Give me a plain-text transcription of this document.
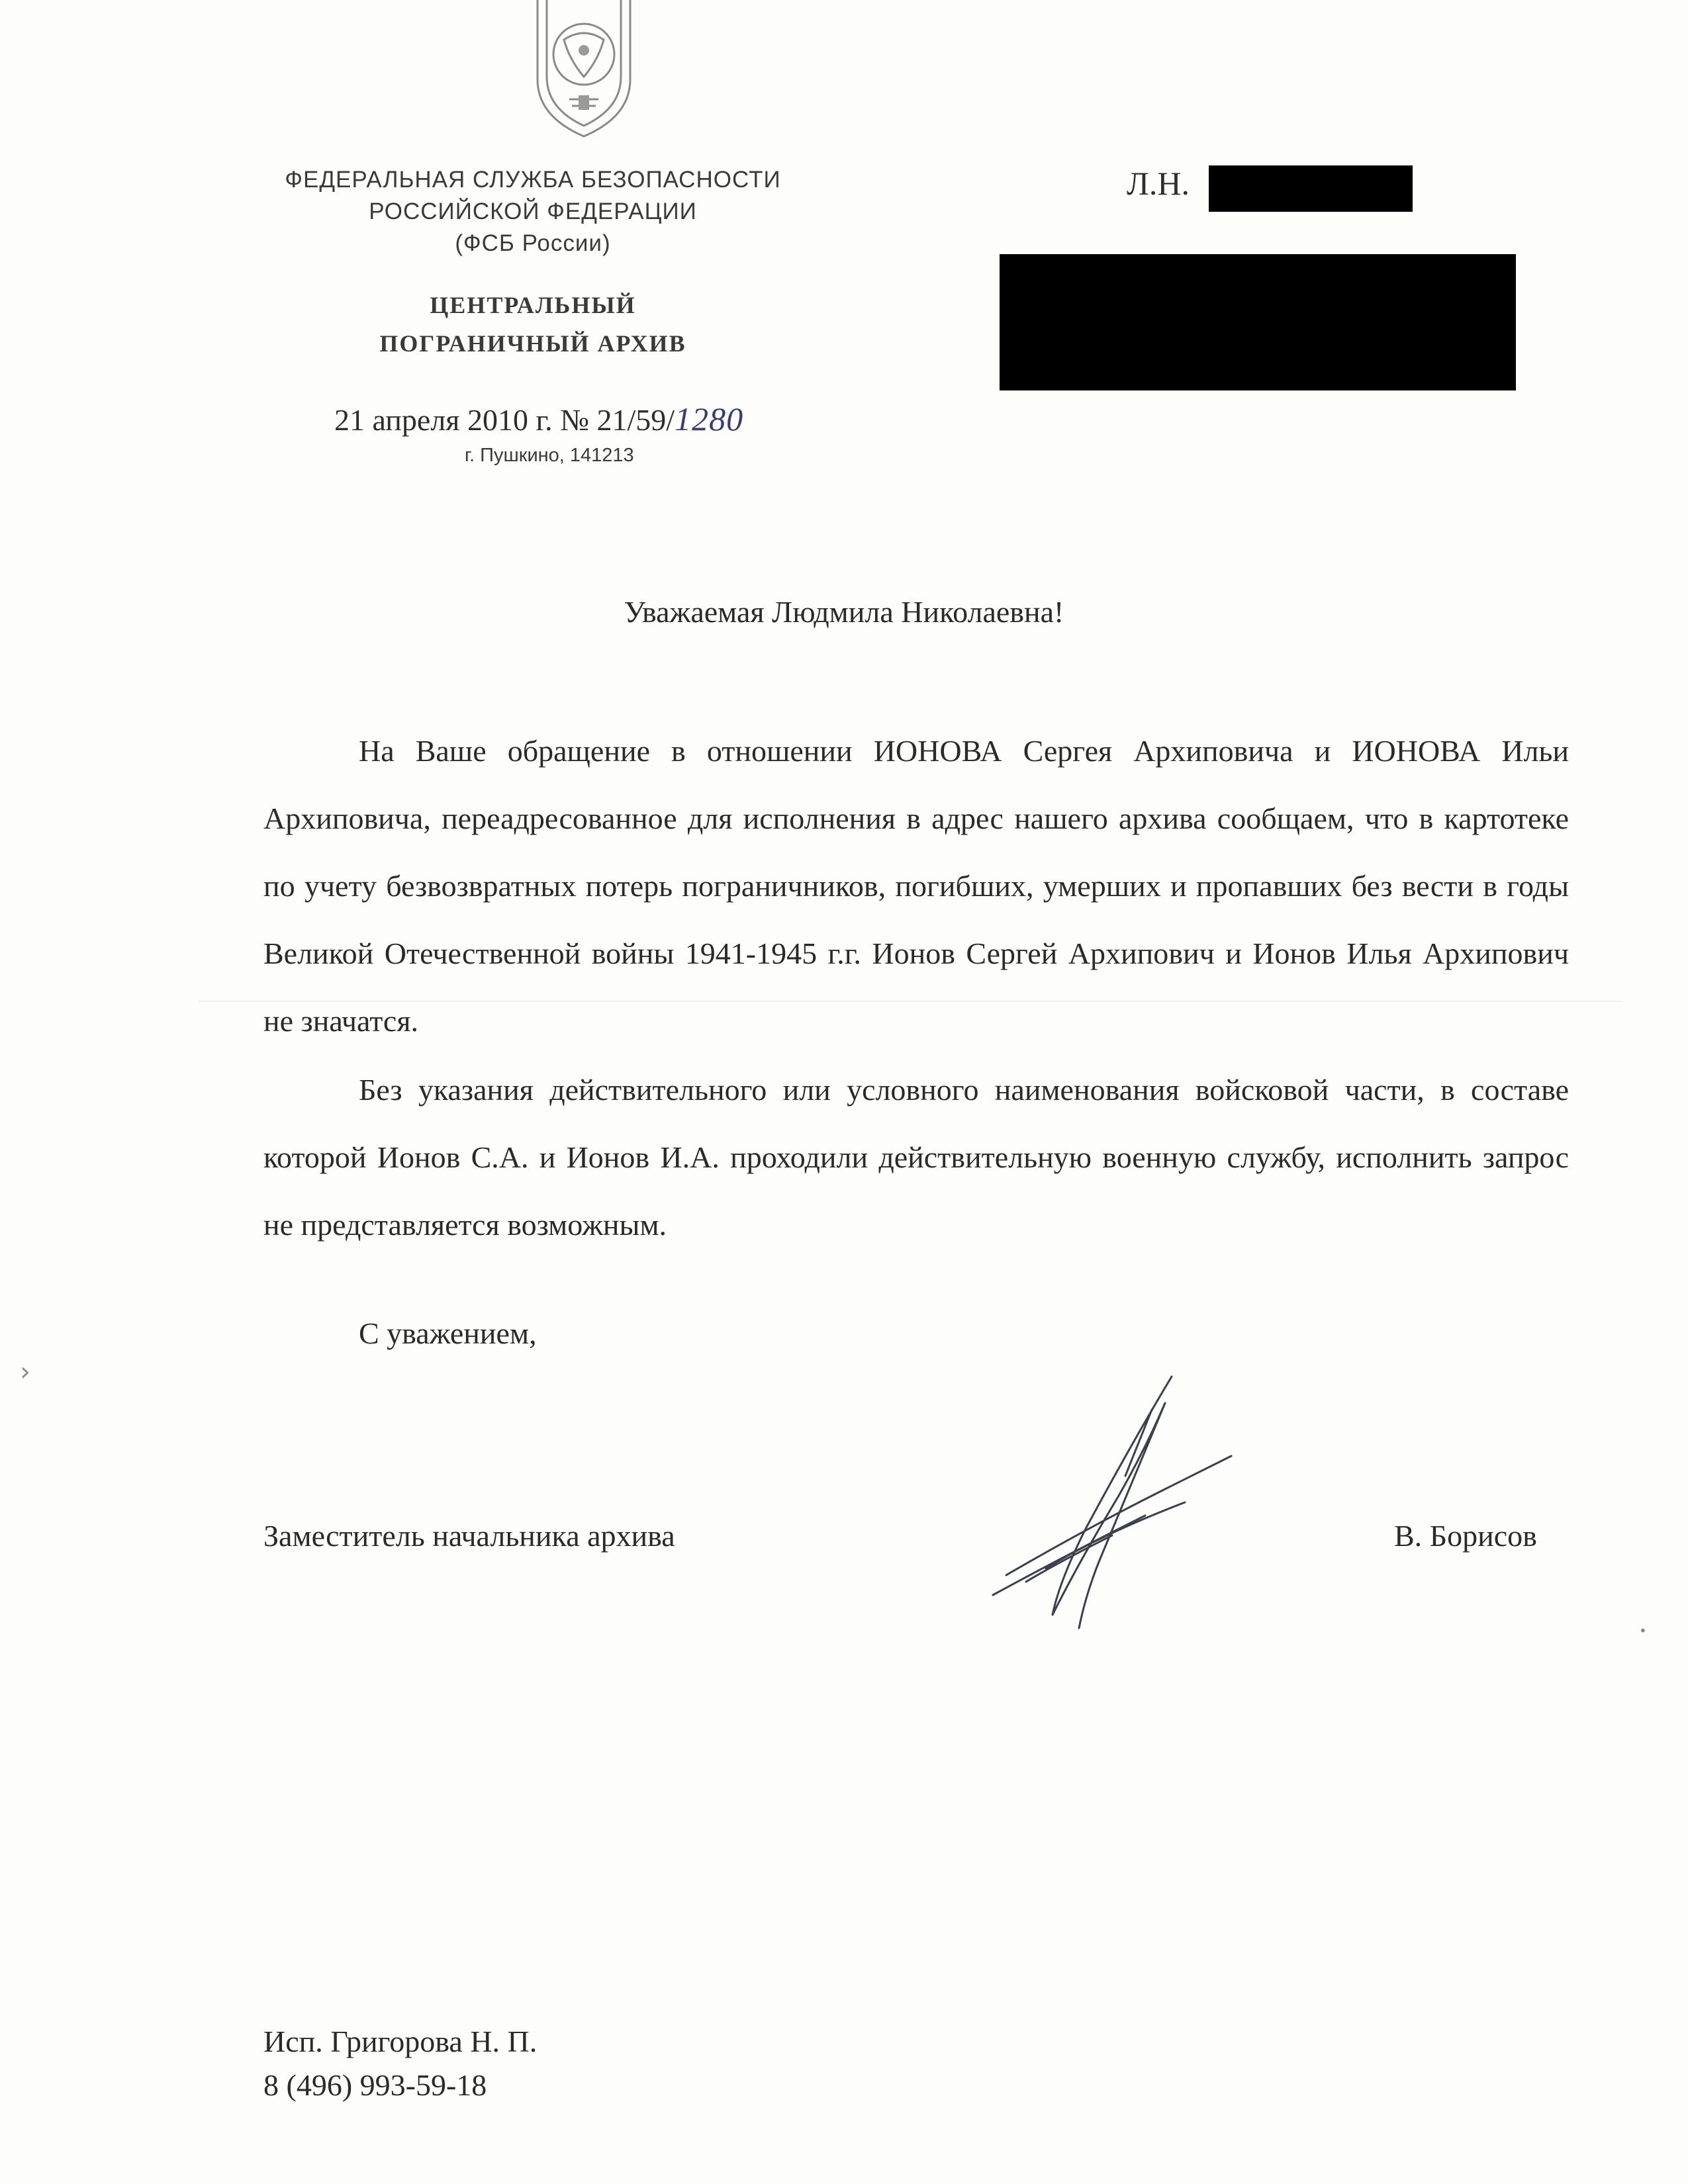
›
•
ФЕДЕРАЛЬНАЯ СЛУЖБА БЕЗОПАСНОСТИ
РОССИЙСКОЙ ФЕДЕРАЦИИ
(ФСБ России)
ЦЕНТРАЛЬНЫЙ
ПОГРАНИЧНЫЙ АРХИВ
21 апреля 2010 г. № 21/59/1280
г. Пушкино, 141213
Л.Н.
Уважаемая Людмила Николаевна!

На Ваше обращение в отношении ИОНОВА Сергея Архиповича и ИОНОВА Ильи Архиповича, переадресованное для исполнения в адрес нашего архива сообщаем, что в картотеке по учету безвозвратных потерь пограничников, погибших, умерших и пропавших без вести в годы Великой Отечественной войны 1941-1945 г.г. Ионов Сергей Архипович и Ионов Илья Архипович не значатся.

Без указания действительного или условного наименования войсковой части, в составе которой Ионов С.А. и Ионов И.А. проходили действительную военную службу, исполнить запрос не представляется возможным.

С уважением,
Заместитель начальника архива	В. Борисов
Исп. Григорова Н. П.
8 (496) 993-59-18
